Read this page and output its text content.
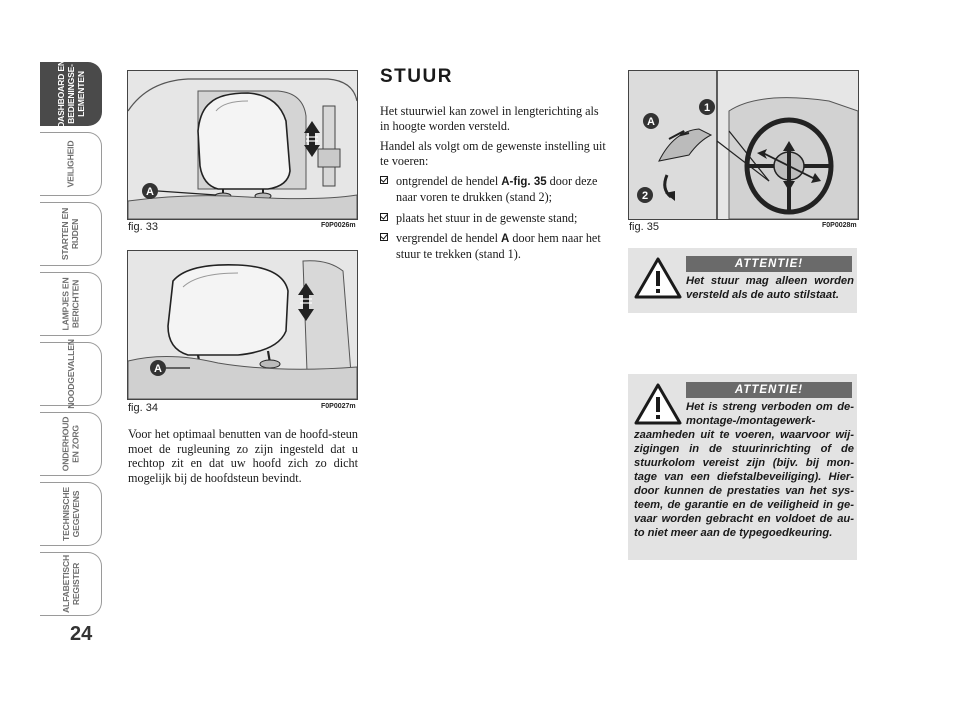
DASHBOARD EN
BEDIENINGSE-
LEMENTEN
VEILIGHEID
STARTEN EN
RIJDEN
LAMPJES EN
BERICHTEN
NOODGEVALLEN
ONDERHOUD
EN ZORG
TECHNISCHE
GEGEVENS
ALFABETISCH
REGISTER
24
A
fig. 33	F0P0026m
A
fig. 34	F0P0027m

Voor het optimaal benutten van de hoofd-steun moet de rugleuning zo zijn ingesteld dat u rechtop zit en dat uw hoofd zich zo dicht mogelijk bij de hoofdsteun bevindt.

STUUR

Het stuurwiel kan zowel in lengterichting als in hoogte worden versteld.

Handel als volgt om de gewenste instelling uit te voeren:

ontgrendel de hendel A-fig. 35 door deze naar voren te drukken (stand 2);
plaats het stuur in de gewenste stand;
vergrendel de hendel A door hem naar het stuur te trekken (stand 1).
A
1
2
fig. 35	F0P0028m
ATTENTIE!
Het stuur mag alleen worden versteld als de auto stilstaat.
ATTENTIE!
Het is streng verboden om de-montage-/montagewerk-
zaamheden uit te voeren, waarvoor wij-zigingen in de stuurinrichting of de stuurkolom vereist zijn (bijv. bij mon-tage van een diefstalbeveiliging). Hier-door kunnen de prestaties van het sys-teem, de garantie en de veiligheid in ge-vaar worden gebracht en voldoet de au-to niet meer aan de typegoedkeuring.
